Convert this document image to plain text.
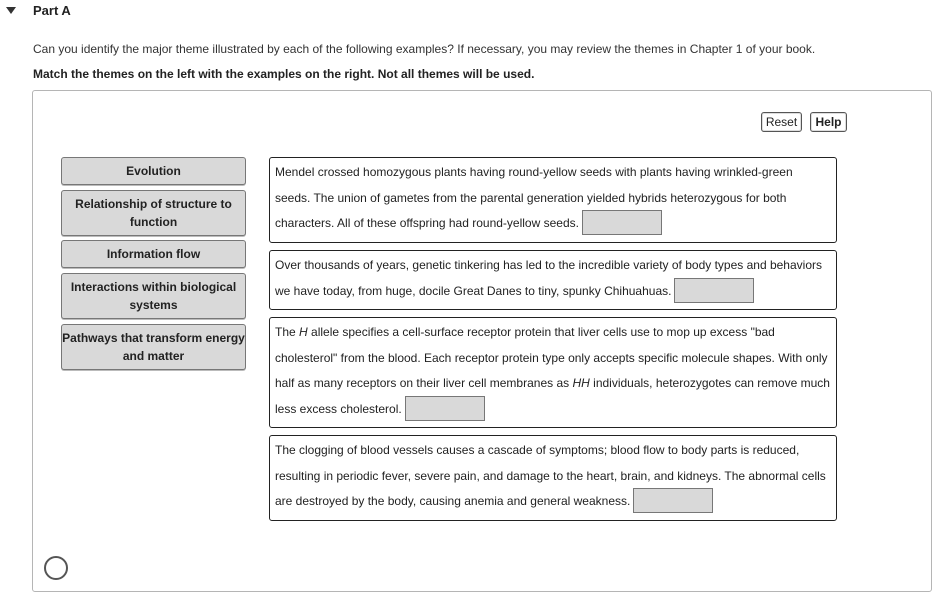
Part A
Can you identify the major theme illustrated by each of the following examples? If necessary, you may review the themes in Chapter 1 of your book.
Match the themes on the left with the examples on the right. Not all themes will be used.
Reset	Help
Evolution
Relationship of structure to function
Information flow
Interactions within biological systems
Pathways that transform energy and matter
Mendel crossed homozygous plants having round-yellow seeds with plants having wrinkled-green seeds. The union of gametes from the parental generation yielded hybrids heterozygous for both characters. All of these offspring had round-yellow seeds.
Over thousands of years, genetic tinkering has led to the incredible variety of body types and behaviors we have today, from huge, docile Great Danes to tiny, spunky Chihuahuas.
The H allele specifies a cell-surface receptor protein that liver cells use to mop up excess "bad cholesterol" from the blood. Each receptor protein type only accepts specific molecule shapes. With only half as many receptors on their liver cell membranes as HH individuals, heterozygotes can remove much less excess cholesterol.
The clogging of blood vessels causes a cascade of symptoms; blood flow to body parts is reduced, resulting in periodic fever, severe pain, and damage to the heart, brain, and kidneys. The abnormal cells are destroyed by the body, causing anemia and general weakness.
